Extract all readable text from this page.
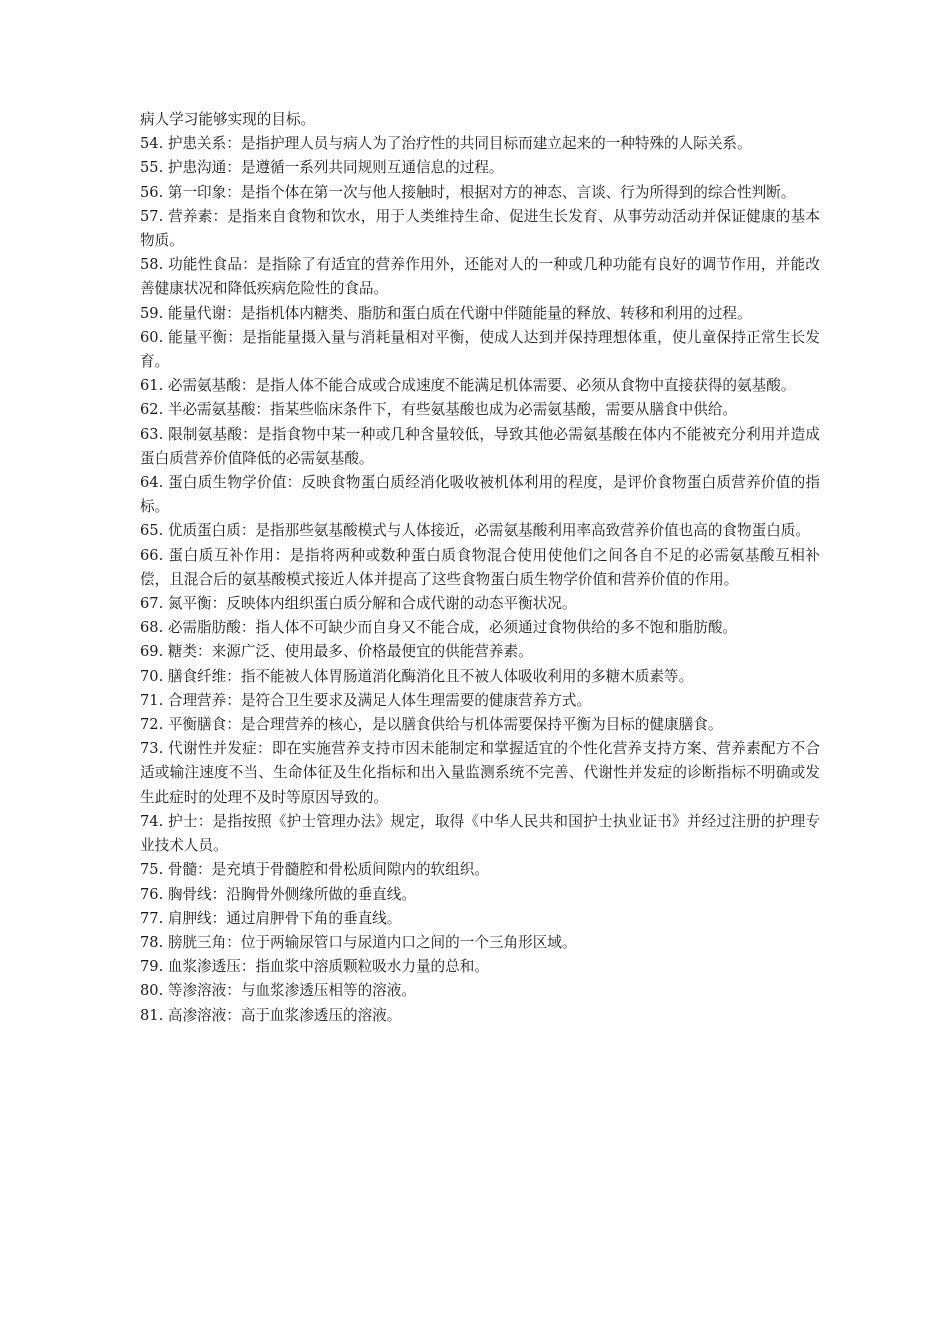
病人学习能够实现的目标。

54. 护患关系：是指护理人员与病人为了治疗性的共同目标而建立起来的一种特殊的人际关系。

55. 护患沟通：是遵循一系列共同规则互通信息的过程。

56. 第一印象：是指个体在第一次与他人接触时，根据对方的神态、言谈、行为所得到的综合性判断。

57. 营养素：是指来自食物和饮水，用于人类维持生命、促进生长发育、从事劳动活动并保证健康的基本物质。

58. 功能性食品：是指除了有适宜的营养作用外，还能对人的一种或几种功能有良好的调节作用，并能改善健康状况和降低疾病危险性的食品。

59. 能量代谢：是指机体内糖类、脂肪和蛋白质在代谢中伴随能量的释放、转移和利用的过程。

60. 能量平衡：是指能量摄入量与消耗量相对平衡，使成人达到并保持理想体重，使儿童保持正常生长发育。

61. 必需氨基酸：是指人体不能合成或合成速度不能满足机体需要、必须从食物中直接获得的氨基酸。

62. 半必需氨基酸：指某些临床条件下，有些氨基酸也成为必需氨基酸，需要从膳食中供给。

63. 限制氨基酸：是指食物中某一种或几种含量较低，导致其他必需氨基酸在体内不能被充分利用并造成蛋白质营养价值降低的必需氨基酸。

64. 蛋白质生物学价值：反映食物蛋白质经消化吸收被机体利用的程度，是评价食物蛋白质营养价值的指标。

65. 优质蛋白质：是指那些氨基酸模式与人体接近，必需氨基酸利用率高致营养价值也高的食物蛋白质。

66. 蛋白质互补作用：是指将两种或数种蛋白质食物混合使用使他们之间各自不足的必需氨基酸互相补偿，且混合后的氨基酸模式接近人体并提高了这些食物蛋白质生物学价值和营养价值的作用。

67. 氮平衡：反映体内组织蛋白质分解和合成代谢的动态平衡状况。

68. 必需脂肪酸：指人体不可缺少而自身又不能合成，必须通过食物供给的多不饱和脂肪酸。

69. 糖类：来源广泛、使用最多、价格最便宜的供能营养素。

70. 膳食纤维：指不能被人体胃肠道消化酶消化且不被人体吸收利用的多糖木质素等。

71. 合理营养：是符合卫生要求及满足人体生理需要的健康营养方式。

72. 平衡膳食：是合理营养的核心，是以膳食供给与机体需要保持平衡为目标的健康膳食。

73. 代谢性并发症：即在实施营养支持市因未能制定和掌握适宜的个性化营养支持方案、营养素配方不合适或输注速度不当、生命体征及生化指标和出入量监测系统不完善、代谢性并发症的诊断指标不明确或发生此症时的处理不及时等原因导致的。

74. 护士：是指按照《护士管理办法》规定，取得《中华人民共和国护士执业证书》并经过注册的护理专业技术人员。

75. 骨髓：是充填于骨髓腔和骨松质间隙内的软组织。

76. 胸骨线：沿胸骨外侧缘所做的垂直线。

77. 肩胛线：通过肩胛骨下角的垂直线。

78. 膀胱三角：位于两输尿管口与尿道内口之间的一个三角形区域。

79. 血浆渗透压：指血浆中溶质颗粒吸水力量的总和。

80. 等渗溶液：与血浆渗透压相等的溶液。

81. 高渗溶液：高于血浆渗透压的溶液。
